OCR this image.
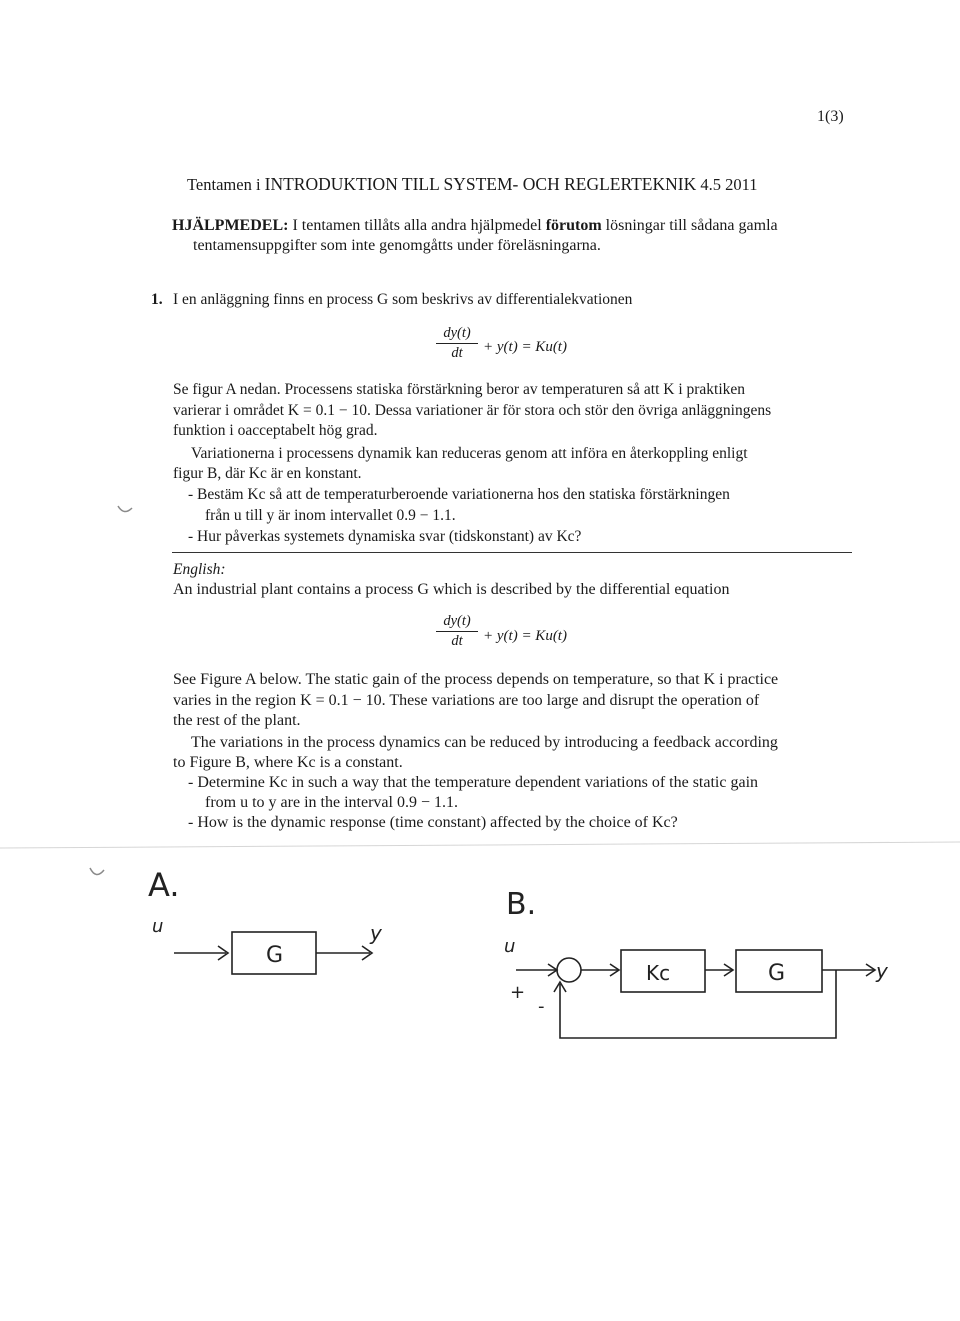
1(3)
Tentamen i INTRODUKTION TILL SYSTEM- OCH REGLERTEKNIK 4.5 2011
HJÄLPMEDEL: I tentamen tillåts alla andra hjälpmedel förutom lösningar till sådana gamla
tentamensuppgifter som inte genomgåtts under föreläsningarna.
1. I en anläggning finns en process G som beskrivs av differentialekvationen
dy(t)
dt	+ y(t) = Ku(t)
Se figur A nedan. Processens statiska förstärkning beror av temperaturen så att K i praktiken
varierar i området K = 0.1 − 10. Dessa variationer är för stora och stör den övriga anläggningens
funktion i oacceptabelt hög grad.
Variationerna i processens dynamik kan reduceras genom att införa en återkoppling enligt
figur B, där Kc är en konstant.
- Bestäm Kc så att de temperaturberoende variationerna hos den statiska förstärkningen
från u till y är inom intervallet 0.9 − 1.1.
- Hur påverkas systemets dynamiska svar (tidskonstant) av Kc?
English:
An industrial plant contains a process G which is described by the differential equation
dy(t)
dt	+ y(t) = Ku(t)
See Figure A below. The static gain of the process depends on temperature, so that K i practice
varies in the region K = 0.1 − 10. These variations are too large and disrupt the operation of
the rest of the plant.
The variations in the process dynamics can be reduced by introducing a feedback according
to Figure B, where Kc is a constant.
- Determine Kc in such a way that the temperature dependent variations of the static gain
from u to y are in the interval 0.9 − 1.1.
- How is the dynamic response (time constant) affected by the choice of Kc?
A.
u
G
y
B.
u
+
-
Kc	G	y
